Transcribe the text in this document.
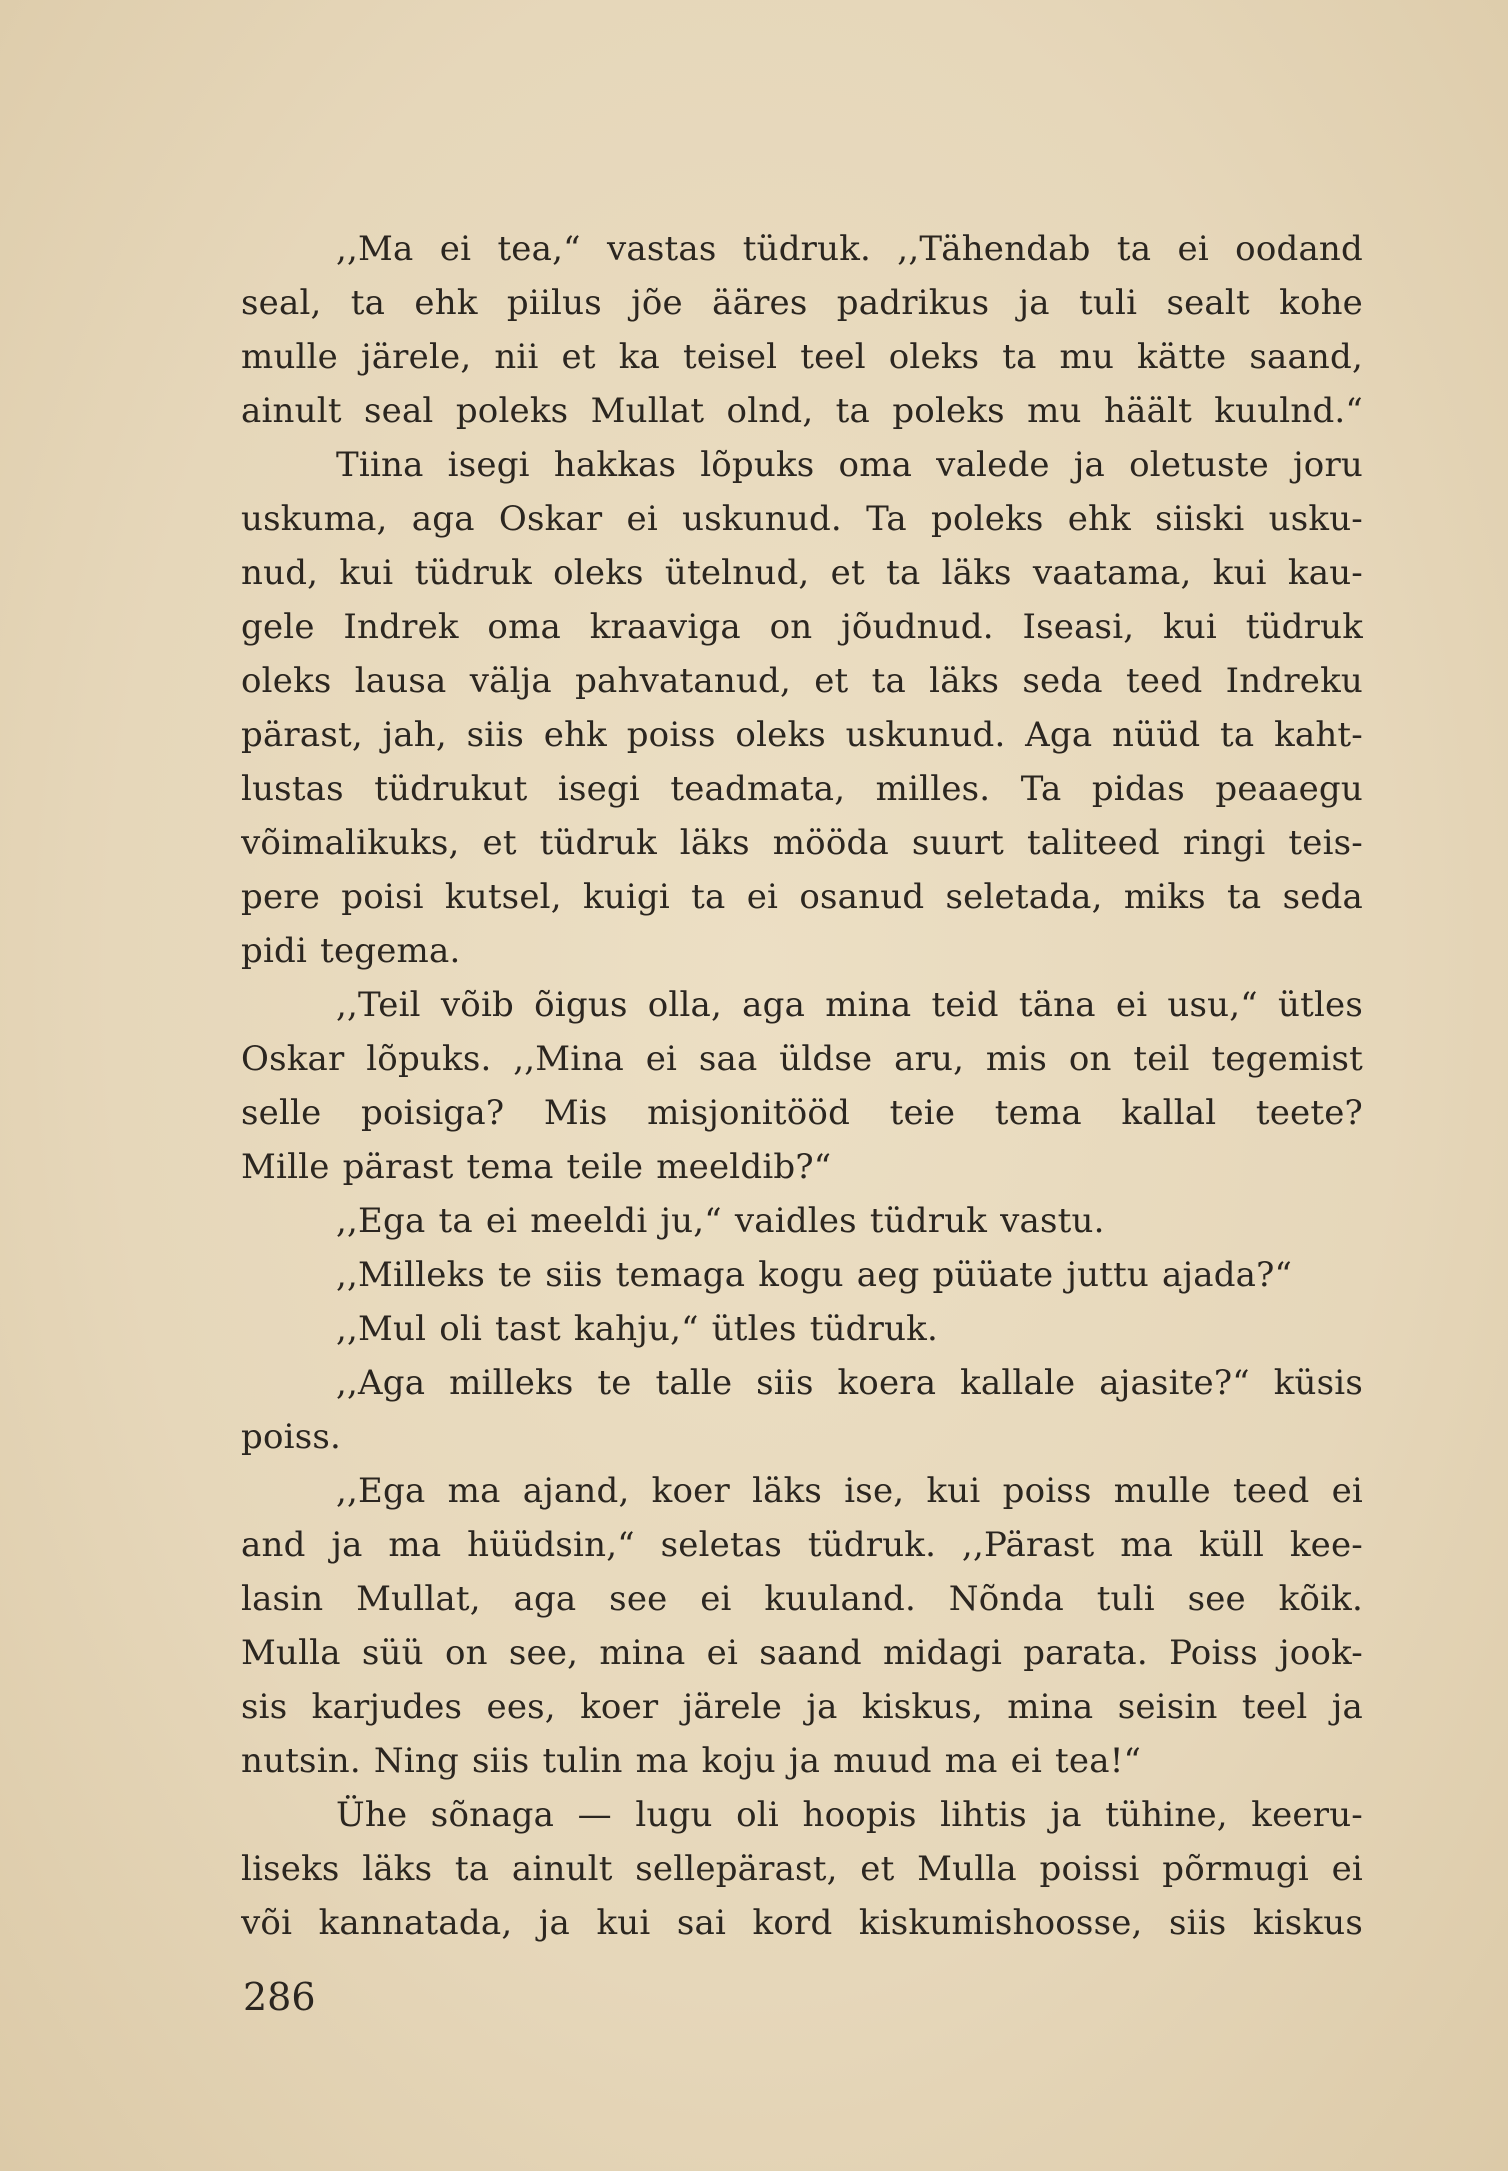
,,Ma ei tea,“ vastas tüdruk. ,,Tähendab ta ei oodand
seal, ta ehk piilus jõe ääres padrikus ja tuli sealt kohe
mulle järele, nii et ka teisel teel oleks ta mu kätte saand,
ainult seal poleks Mullat olnd, ta poleks mu häält kuulnd.“
Tiina isegi hakkas lõpuks oma valede ja oletuste joru
uskuma, aga Oskar ei uskunud. Ta poleks ehk siiski usku-
nud, kui tüdruk oleks ütelnud, et ta läks vaatama, kui kau-
gele Indrek oma kraaviga on jõudnud. Iseasi, kui tüdruk
oleks lausa välja pahvatanud, et ta läks seda teed Indreku
pärast, jah, siis ehk poiss oleks uskunud. Aga nüüd ta kaht-
lustas tüdrukut isegi teadmata, milles. Ta pidas peaaegu
võimalikuks, et tüdruk läks mööda suurt taliteed ringi teis-
pere poisi kutsel, kuigi ta ei osanud seletada, miks ta seda
pidi tegema.
,,Teil võib õigus olla, aga mina teid täna ei usu,“ ütles
Oskar lõpuks. ,,Mina ei saa üldse aru, mis on teil tegemist
selle poisiga? Mis misjonitööd teie tema kallal teete?
Mille pärast tema teile meeldib?“
,,Ega ta ei meeldi ju,“ vaidles tüdruk vastu.
,,Milleks te siis temaga kogu aeg püüate juttu ajada?“
,,Mul oli tast kahju,“ ütles tüdruk.
,,Aga milleks te talle siis koera kallale ajasite?“ küsis
poiss.
,,Ega ma ajand, koer läks ise, kui poiss mulle teed ei
and ja ma hüüdsin,“ seletas tüdruk. ,,Pärast ma küll kee-
lasin Mullat, aga see ei kuuland. Nõnda tuli see kõik.
Mulla süü on see, mina ei saand midagi parata. Poiss jook-
sis karjudes ees, koer järele ja kiskus, mina seisin teel ja
nutsin. Ning siis tulin ma koju ja muud ma ei tea!“
Ühe sõnaga — lugu oli hoopis lihtis ja tühine, keeru-
liseks läks ta ainult sellepärast, et Mulla poissi põrmugi ei
või kannatada, ja kui sai kord kiskumishoosse, siis kiskus
286
